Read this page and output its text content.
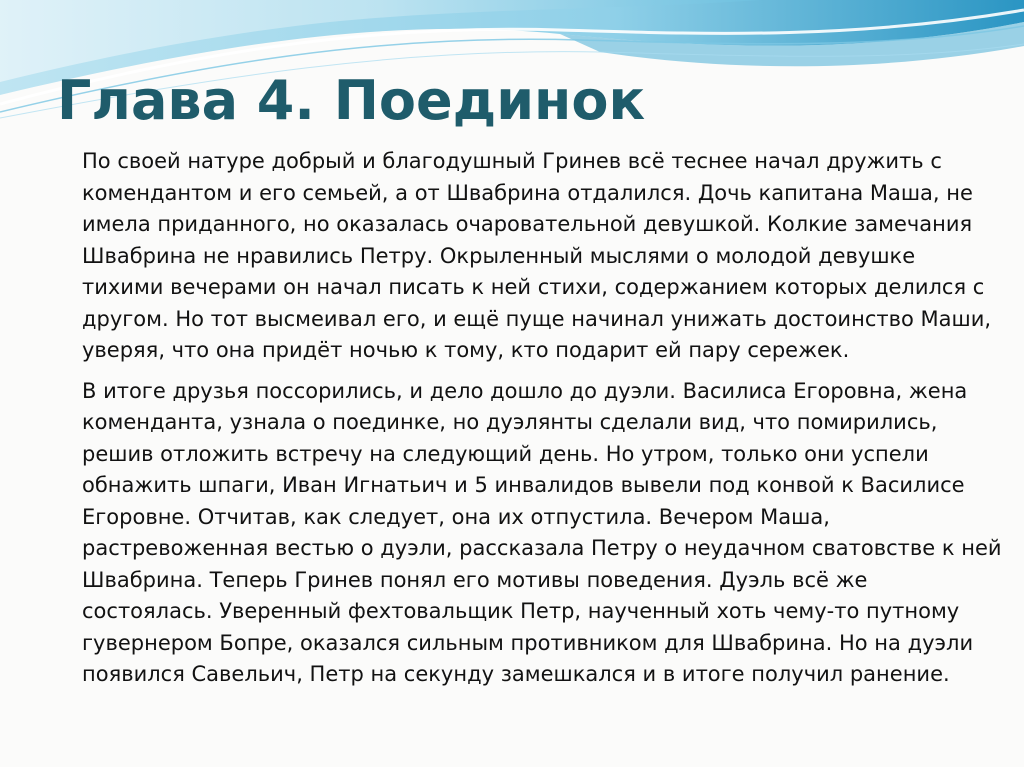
Глава 4. Поединок

По своей натуре добрый и благодушный Гринев всё теснее начал дружить с комендантом и его семьей, а от Швабрина отдалился. Дочь капитана Маша, не имела приданного, но оказалась очаровательной девушкой. Колкие замечания Швабрина не нравились Петру. Окрыленный мыслями о молодой девушке тихими вечерами он начал писать к ней стихи, содержанием которых делился с другом. Но тот высмеивал его, и ещё пуще начинал унижать достоинство Маши, уверяя, что она придёт ночью к тому, кто подарит ей пару сережек.

В итоге друзья поссорились, и дело дошло до дуэли. Василиса Егоровна, жена коменданта, узнала о поединке, но дуэлянты сделали вид, что помирились, решив отложить встречу на следующий день. Но утром, только они успели обнажить шпаги, Иван Игнатьич и 5 инвалидов вывели под конвой к Василисе Егоровне. Отчитав, как следует, она их отпустила. Вечером Маша, растревоженная вестью о дуэли, рассказала Петру о неудачном сватовстве к ней Швабрина. Теперь Гринев понял его мотивы поведения. Дуэль всё же состоялась. Уверенный фехтовальщик Петр, наученный хоть чему-то путному гувернером Бопре, оказался сильным противником для Швабрина. Но на дуэли появился Савельич, Петр на секунду замешкался и в итоге получил ранение.
